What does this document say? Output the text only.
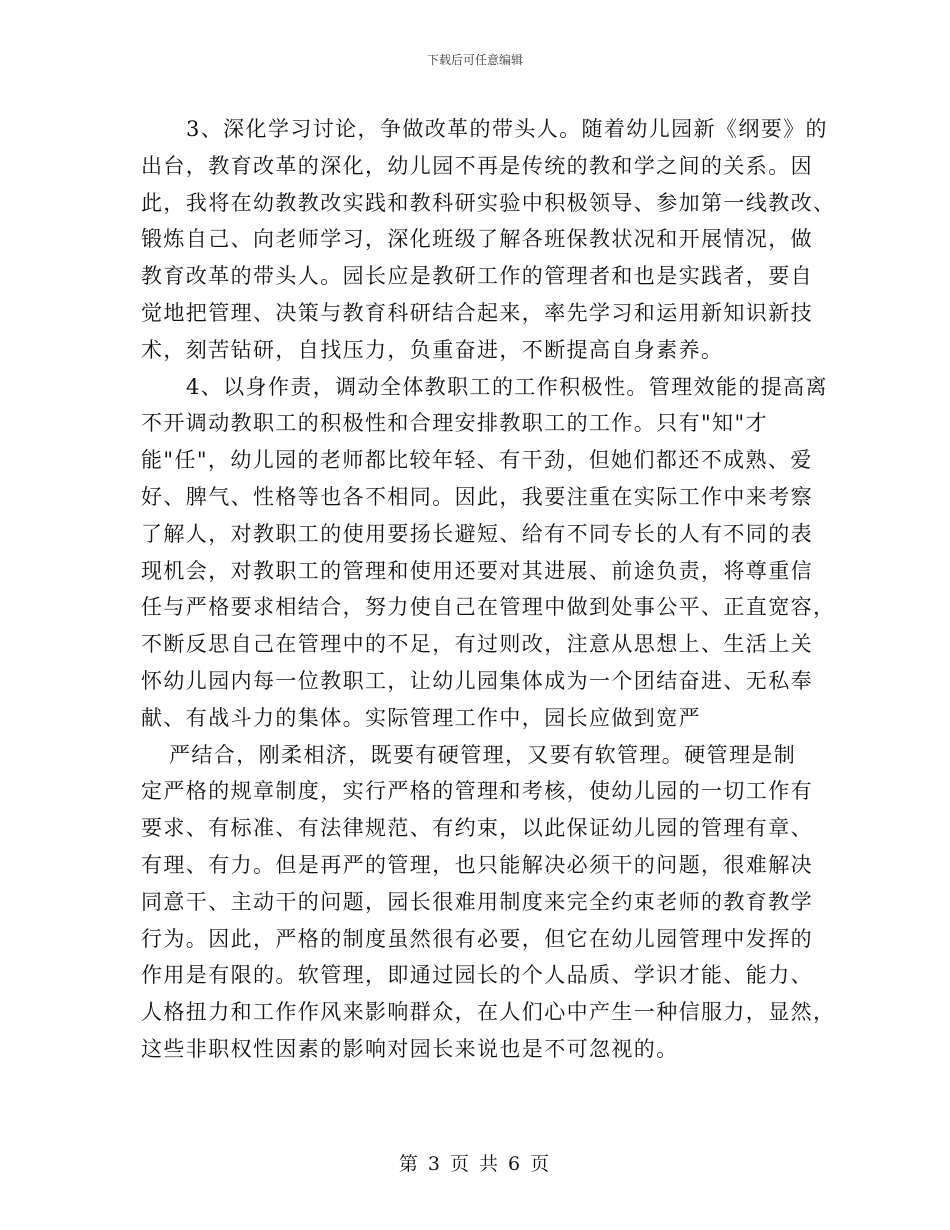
下载后可任意编辑

3、深化学习讨论，争做改革的带头人。随着幼儿园新《纲要》的
出台，教育改革的深化，幼儿园不再是传统的教和学之间的关系。因
此，我将在幼教教改实践和教科研实验中积极领导、参加第一线教改、
锻炼自己、向老师学习，深化班级了解各班保教状况和开展情况，做
教育改革的带头人。园长应是教研工作的管理者和也是实践者，要自
觉地把管理、决策与教育科研结合起来，率先学习和运用新知识新技
术，刻苦钻研，自找压力，负重奋进，不断提高自身素养。

4、以身作责，调动全体教职工的工作积极性。管理效能的提高离
不开调动教职工的积极性和合理安排教职工的工作。只有"知"才
能"任"，幼儿园的老师都比较年轻、有干劲，但她们都还不成熟、爱
好、脾气、性格等也各不相同。因此，我要注重在实际工作中来考察
了解人，对教职工的使用要扬长避短、给有不同专长的人有不同的表
现机会，对教职工的管理和使用还要对其进展、前途负责，将尊重信
任与严格要求相结合，努力使自己在管理中做到处事公平、正直宽容，
不断反思自己在管理中的不足，有过则改，注意从思想上、生活上关
怀幼儿园内每一位教职工，让幼儿园集体成为一个团结奋进、无私奉
献、有战斗力的集体。实际管理工作中，园长应做到宽严

严结合，刚柔相济，既要有硬管理，又要有软管理。硬管理是制
定严格的规章制度，实行严格的管理和考核，使幼儿园的一切工作有
要求、有标准、有法律规范、有约束，以此保证幼儿园的管理有章、
有理、有力。但是再严的管理，也只能解决必须干的问题，很难解决
同意干、主动干的问题，园长很难用制度来完全约束老师的教育教学
行为。因此，严格的制度虽然很有必要，但它在幼儿园管理中发挥的
作用是有限的。软管理，即通过园长的个人品质、学识才能、能力、
人格扭力和工作作风来影响群众，在人们心中产生一种信服力，显然，
这些非职权性因素的影响对园长来说也是不可忽视的。

第 3 页 共 6 页
